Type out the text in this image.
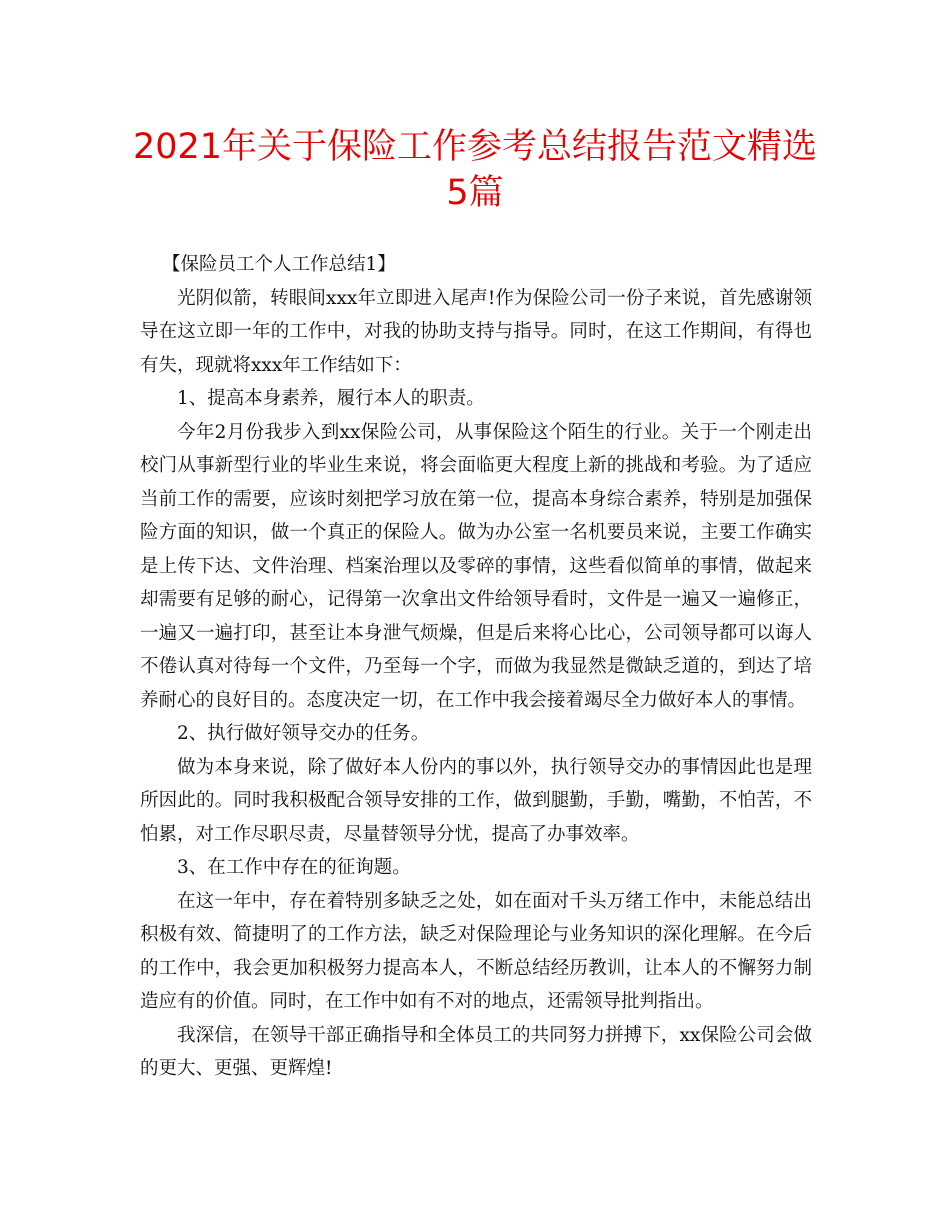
2021年关于保险工作参考总结报告范文精选5篇

【保险员工个人工作总结1】

光阴似箭，转眼间xxx年立即进入尾声!作为保险公司一份子来说，首先感谢领导在这立即一年的工作中，对我的协助支持与指导。同时，在这工作期间，有得也有失，现就将xxx年工作结如下：

1、提高本身素养，履行本人的职责。

今年2月份我步入到xx保险公司，从事保险这个陌生的行业。关于一个刚走出校门从事新型行业的毕业生来说，将会面临更大程度上新的挑战和考验。为了适应当前工作的需要，应该时刻把学习放在第一位，提高本身综合素养，特别是加强保险方面的知识，做一个真正的保险人。做为办公室一名机要员来说，主要工作确实是上传下达、文件治理、档案治理以及零碎的事情，这些看似简单的事情，做起来却需要有足够的耐心，记得第一次拿出文件给领导看时，文件是一遍又一遍修正，一遍又一遍打印，甚至让本身泄气烦燥，但是后来将心比心，公司领导都可以诲人不倦认真对待每一个文件，乃至每一个字，而做为我显然是微缺乏道的，到达了培养耐心的良好目的。态度决定一切，在工作中我会接着竭尽全力做好本人的事情。

2、执行做好领导交办的任务。

做为本身来说，除了做好本人份内的事以外，执行领导交办的事情因此也是理所因此的。同时我积极配合领导安排的工作，做到腿勤，手勤，嘴勤，不怕苦，不怕累，对工作尽职尽责，尽量替领导分忧，提高了办事效率。

3、在工作中存在的征询题。

在这一年中，存在着特别多缺乏之处，如在面对千头万绪工作中，未能总结出积极有效、简捷明了的工作方法，缺乏对保险理论与业务知识的深化理解。在今后的工作中，我会更加积极努力提高本人，不断总结经历教训，让本人的不懈努力制造应有的价值。同时，在工作中如有不对的地点，还需领导批判指出。

我深信，在领导干部正确指导和全体员工的共同努力拼搏下，xx保险公司会做的更大、更强、更辉煌!
